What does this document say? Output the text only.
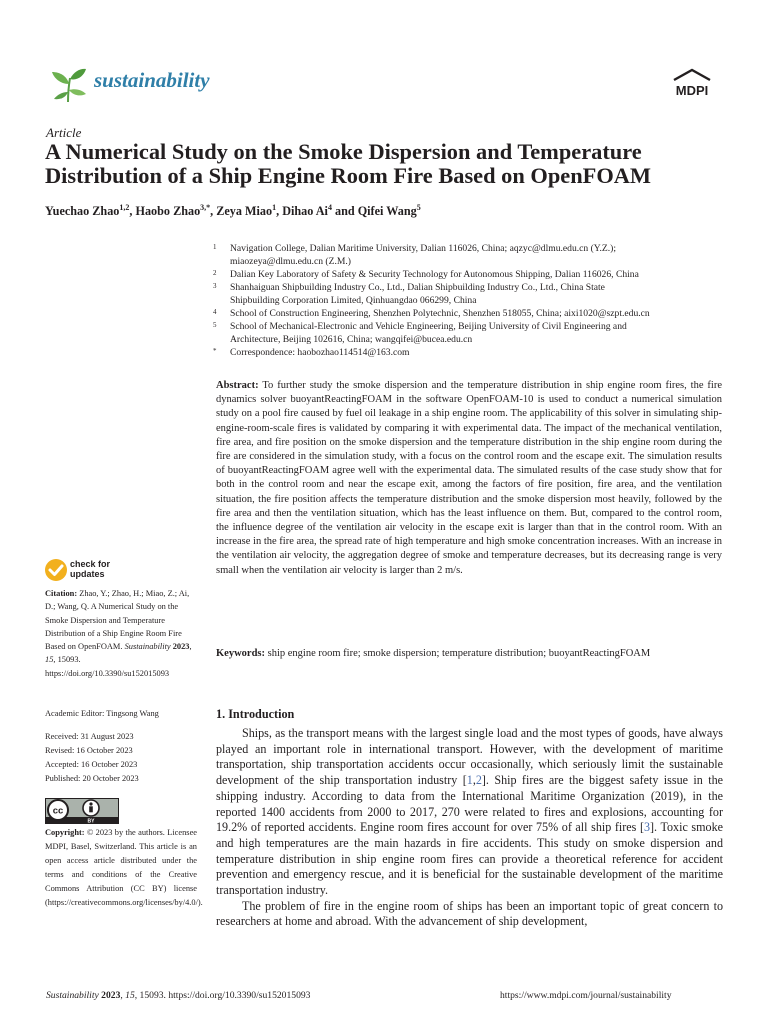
sustainability	MDPI
Article
A Numerical Study on the Smoke Dispersion and Temperature Distribution of a Ship Engine Room Fire Based on OpenFOAM
Yuechao Zhao$^{1,2}$, Haobo Zhao$^{3,*}$, Zeya Miao$^1$, Dihao Ai$^4$ and Qifei Wang$^5$
1	Navigation College, Dalian Maritime University, Dalian 116026, China; aqzyc@dlmu.edu.cn (Y.Z.);
miaozeya@dlmu.edu.cn (Z.M.)
2	Dalian Key Laboratory of Safety & Security Technology for Autonomous Shipping, Dalian 116026, China
3	Shanhaiguan Shipbuilding Industry Co., Ltd., Dalian Shipbuilding Industry Co., Ltd., China State
Shipbuilding Corporation Limited, Qinhuangdao 066299, China
4	School of Construction Engineering, Shenzhen Polytechnic, Shenzhen 518055, China; aixi1020@szpt.edu.cn
5	School of Mechanical-Electronic and Vehicle Engineering, Beijing University of Civil Engineering and
Architecture, Beijing 102616, China; wangqifei@bucea.edu.cn
*	Correspondence: haobozhao114514@163.com
Abstract: To further study the smoke dispersion and the temperature distribution in ship engine room fires, the fire dynamics solver buoyantReactingFOAM in the software OpenFOAM-10 is used to conduct a numerical simulation study on a pool fire caused by fuel oil leakage in a ship engine room. The applicability of this solver in simulating ship-engine-room-scale fires is validated by comparing it with experimental data. The impact of the mechanical ventilation, fire area, and fire position on the smoke dispersion and the temperature distribution in the ship engine room during the fire are considered in the simulation study, with a focus on the control room and the escape exit. The simulation results of buoyantReactingFOAM agree well with the experimental data. The simulated results of the case study show that for both in the control room and near the escape exit, among the factors of fire position, fire area, and the ventilation situation, the fire position affects the temperature distribution and the smoke dispersion most heavily, followed by the fire area and then the ventilation situation, which has the least influence on them. But, compared to the control room, the influence degree of the ventilation air velocity in the escape exit is larger than that in the control room. With an increase in the fire area, the spread rate of high temperature and high smoke concentration increases. With an increase in the ventilation air velocity, the aggregation degree of smoke and temperature decreases, but its decreasing range is very small when the ventilation air velocity is larger than 2 m/s.
Keywords: ship engine room fire; smoke dispersion; temperature distribution; buoyantReactingFOAM
1. Introduction

Ships, as the transport means with the largest single load and the most types of goods, have always played an important role in international transport. However, with the development of maritime transportation, ship transportation accidents occur occasionally, which seriously limit the sustainable development of the ship transportation industry [1,2]. Ship fires are the biggest safety issue in the shipping industry. According to data from the International Maritime Organization (2019), in the reported 1400 accidents from 2000 to 2017, 270 were related to fires and explosions, accounting for 19.2% of reported accidents. Engine room fires account for over 75% of all ship fires [3]. Toxic smoke and high temperatures are the main hazards in fire accidents. This study on smoke dispersion and temperature distribution in ship engine room fires can provide a theoretical reference for accident prevention and emergency rescue, and it is beneficial for the sustainable development of the maritime transportation industry.

The problem of fire in the engine room of ships has been an important topic of great concern to researchers at home and abroad. With the advancement of ship development,

check for
updates
Citation: Zhao, Y.; Zhao, H.; Miao, Z.; Ai, D.; Wang, Q. A Numerical Study on the Smoke Dispersion and Temperature Distribution of a Ship Engine Room Fire Based on OpenFOAM. Sustainability 2023, 15, 15093. https://doi.org/10.3390/su152015093
Academic Editor: Tingsong Wang
Received: 31 August 2023
Revised: 16 October 2023
Accepted: 16 October 2023
Published: 20 October 2023
cc
BY
Copyright: © 2023 by the authors. Licensee MDPI, Basel, Switzerland. This article is an open access article distributed under the terms and conditions of the Creative Commons Attribution (CC BY) license (https://creativecommons.org/licenses/by/4.0/).
Sustainability 2023, 15, 15093. https://doi.org/10.3390/su152015093	https://www.mdpi.com/journal/sustainability
